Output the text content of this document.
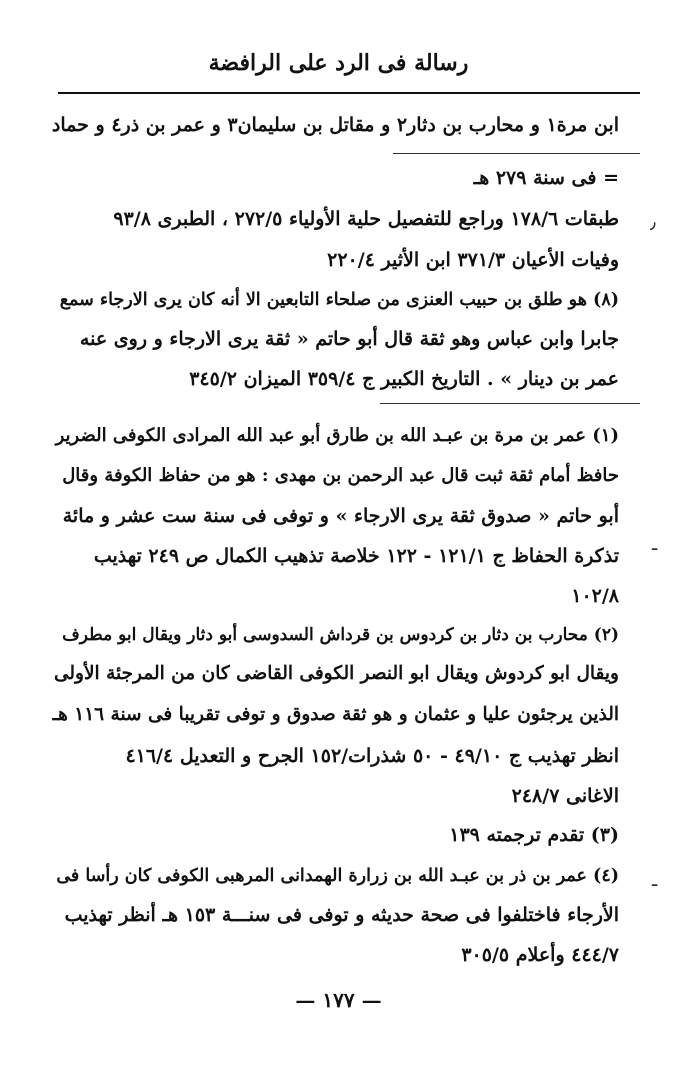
رسالة فى الرد على الرافضة
ابن مرة١ و محارب بن دثار٢ و مقاتل بن سليمان٣ و عمر بن ذر٤ و حماد
= فى سنة ٢٧٩ هـ
طبقات ١٧٨/٦ وراجع للتفصيل حلية الأولياء ٢٧٢/٥ ، الطبرى ٩٣/٨
وفيات الأعيان ٣٧١/٣ ابن الأثير ٢٢٠/٤
(٨) هو طلق بن حبيب العنزى من صلحاء التابعين الا أنه كان يرى الارجاء سمع
جابرا وابن عباس وهو ثقة قال أبو حاتم « ثقة يرى الارجاء و روى عنه
عمر بن دينار » . التاريخ الكبير ج ٣٥٩/٤ الميزان ٣٤٥/٢
(١) عمر بن مرة بن عبـد الله بن طارق أبو عبد الله المرادى الكوفى الضرير
حافظ أمام ثقة ثبت قال عبد الرحمن بن مهدى : هو من حفاظ الكوفة وقال
أبو حاتم « صدوق ثقة يرى الارجاء » و توفى فى سنة ست عشر و مائة
تذكرة الحفاظ ج ١٢١/١ - ١٢٢ خلاصة تذهيب الكمال ص ٢٤٩ تهذيب
١٠٢/٨
(٢) محارب بن دثار بن كردوس بن قرداش السدوسى أبو دثار ويقال ابو مطرف
ويقال ابو كردوش ويقال ابو النصر الكوفى القاضى كان من المرجئة الأولى
الذين يرجئون عليا و عثمان و هو ثقة صدوق و توفى تقريبا فى سنة ١١٦ هـ
انظر تهذيب ج ٤٩/١٠ - ٥٠ شذرات/١٥٢ الجرح و التعديل ٤١٦/٤
الاغانى ٢٤٨/٧
(٣) تقدم ترجمته ١٣٩
(٤) عمر بن ذر بن عبـد الله بن زرارة الهمدانى المرهبى الكوفى كان رأسا فى
الأرجاء فاختلفوا فى صحة حديثه و توفى فى سنـــة ١٥٣ هـ أنظر تهذيب
٤٤٤/٧ وأعلام ٣٠٥/٥
— ١٧٧ —
٫
ـ
ـ
